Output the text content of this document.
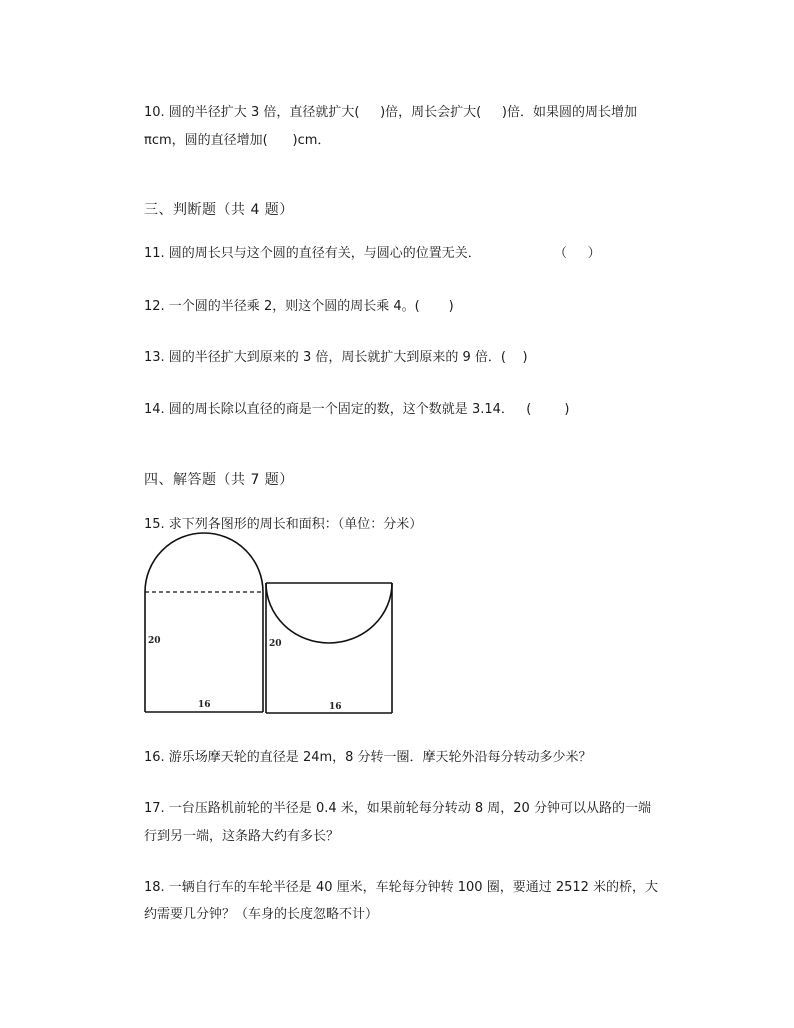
10. 圆的半径扩大 3 倍，直径就扩大(     )倍，周长会扩大(     )倍．如果圆的周长增加
πcm，圆的直径增加(      )cm．
三、判断题（共 4 题）
11. 圆的周长只与这个圆的直径有关，与圆心的位置无关．	（     ）
12. 一个圆的半径乘 2，则这个圆的周长乘 4。(       )
13. 圆的半径扩大到原来的 3 倍，周长就扩大到原来的 9 倍．(    )
14. 圆的周长除以直径的商是一个固定的数，这个数就是 3.14．   (        )
四、解答题（共 7 题）
15. 求下列各图形的周长和面积：（单位：分米）
20
16
20
16
16. 游乐场摩天轮的直径是 24m，8 分转一圈．摩天轮外沿每分转动多少米？
17. 一台压路机前轮的半径是 0.4 米，如果前轮每分转动 8 周，20 分钟可以从路的一端
行到另一端，这条路大约有多长？
18. 一辆自行车的车轮半径是 40 厘米，车轮每分钟转 100 圈，要通过 2512 米的桥，大
约需要几分钟？（车身的长度忽略不计）
